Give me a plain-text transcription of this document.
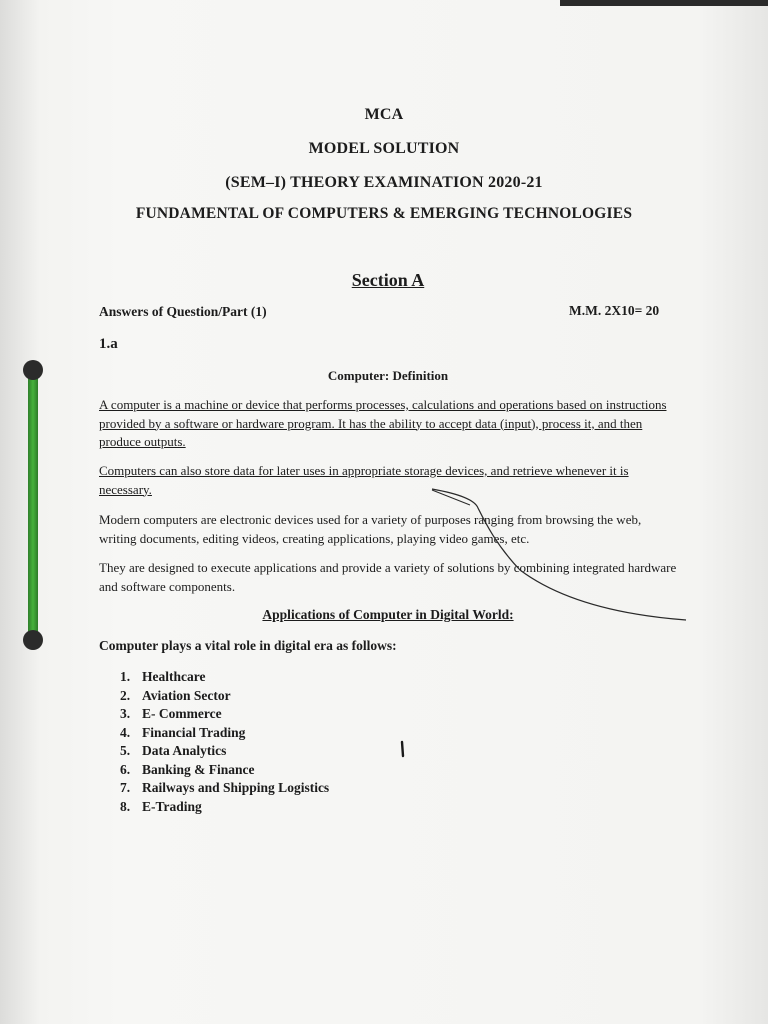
MCA
MODEL SOLUTION
(SEM–I) THEORY EXAMINATION 2020-21
FUNDAMENTAL OF COMPUTERS & EMERGING TECHNOLOGIES
Section A
Answers of Question/Part (1)	M.M. 2X10= 20
1.a
Computer: Definition
A computer is a machine or device that performs processes, calculations and operations based on instructions provided by a software or hardware program. It has the ability to accept data (input), process it, and then produce outputs.
Computers can also store data for later uses in appropriate storage devices, and retrieve whenever it is necessary.
Modern computers are electronic devices used for a variety of purposes ranging from browsing the web, writing documents, editing videos, creating applications, playing video games, etc.
They are designed to execute applications and provide a variety of solutions by combining integrated hardware and software components.
Applications of Computer in Digital World:
Computer plays a vital role in digital era as follows:
1. Healthcare
2. Aviation Sector
3. E- Commerce
4. Financial Trading
5. Data Analytics
6. Banking & Finance
7. Railways and Shipping Logistics
8. E-Trading
